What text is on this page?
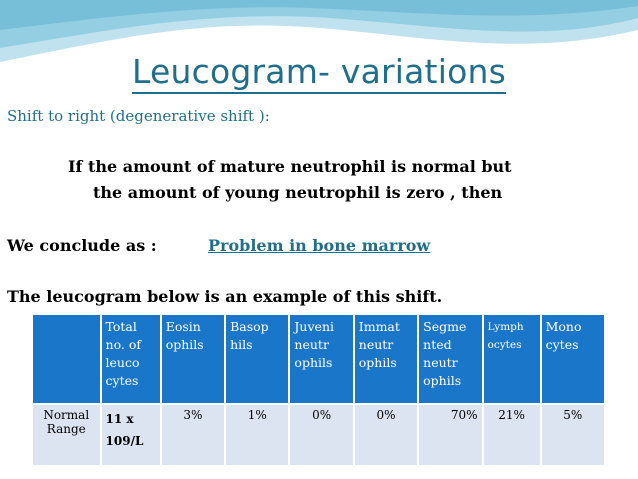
Leucogram- variations
Shift to right (degenerative shift ):
If the amount of mature neutrophil is normal but
the amount of young neutrophil is zero , then
We conclude as :	Problem in bone marrow
The leucogram below is an example of this shift.
	Total
no. of
leuco
cytes	Eosin
ophils	Basop
hils	Juveni
neutr
ophils	Immat
neutr
ophils	Segme
nted
neutr
ophils	Lymph
ocytes	Mono
cytes
Normal
Range	11 x
109/L	3%	1%	0%	0%	70%	21%	5%
